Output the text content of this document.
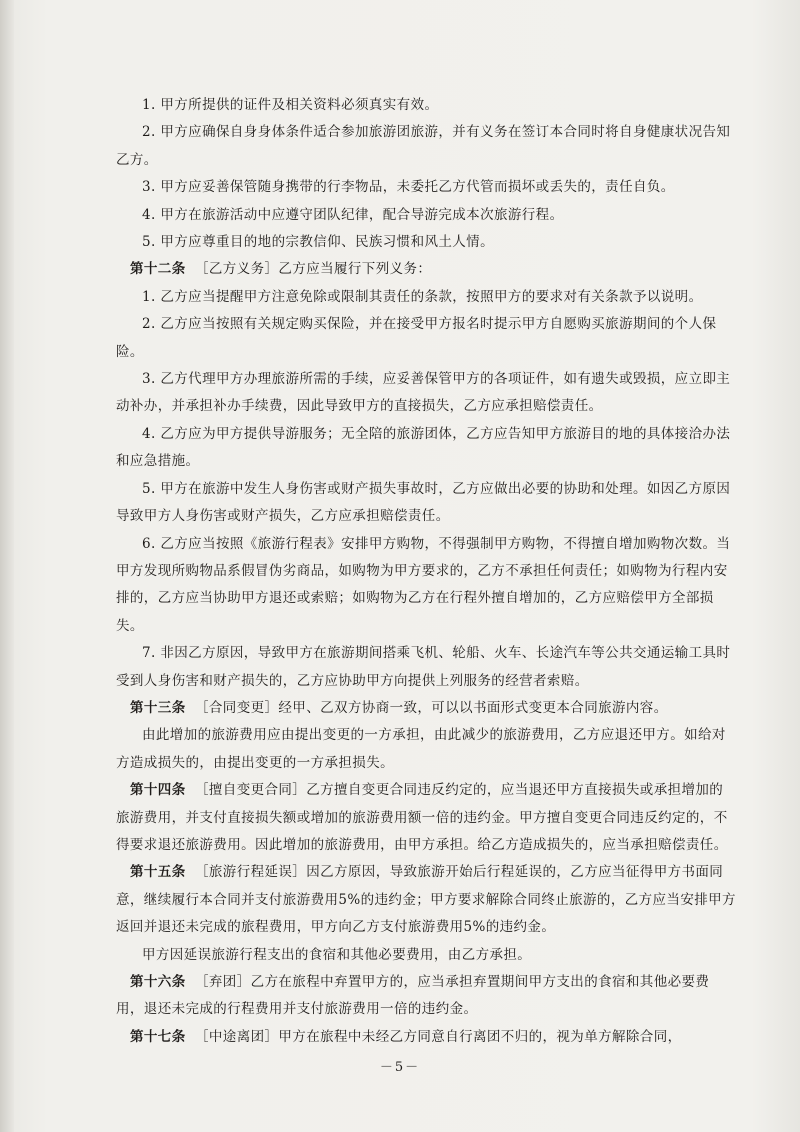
1. 甲方所提供的证件及相关资料必须真实有效。

2. 甲方应确保自身身体条件适合参加旅游团旅游，并有义务在签订本合同时将自身健康状况告知乙方。

3. 甲方应妥善保管随身携带的行李物品，未委托乙方代管而损坏或丢失的，责任自负。

4. 甲方在旅游活动中应遵守团队纪律，配合导游完成本次旅游行程。

5. 甲方应尊重目的地的宗教信仰、民族习惯和风土人情。

第十二条 ［乙方义务］乙方应当履行下列义务：

1. 乙方应当提醒甲方注意免除或限制其责任的条款，按照甲方的要求对有关条款予以说明。

2. 乙方应当按照有关规定购买保险，并在接受甲方报名时提示甲方自愿购买旅游期间的个人保险。

3. 乙方代理甲方办理旅游所需的手续，应妥善保管甲方的各项证件，如有遗失或毁损，应立即主动补办，并承担补办手续费，因此导致甲方的直接损失，乙方应承担赔偿责任。

4. 乙方应为甲方提供导游服务；无全陪的旅游团体，乙方应告知甲方旅游目的地的具体接洽办法和应急措施。

5. 甲方在旅游中发生人身伤害或财产损失事故时，乙方应做出必要的协助和处理。如因乙方原因导致甲方人身伤害或财产损失，乙方应承担赔偿责任。

6. 乙方应当按照《旅游行程表》安排甲方购物，不得强制甲方购物，不得擅自增加购物次数。当甲方发现所购物品系假冒伪劣商品，如购物为甲方要求的，乙方不承担任何责任；如购物为行程内安排的，乙方应当协助甲方退还或索赔；如购物为乙方在行程外擅自增加的，乙方应赔偿甲方全部损失。

7. 非因乙方原因，导致甲方在旅游期间搭乘飞机、轮船、火车、长途汽车等公共交通运输工具时受到人身伤害和财产损失的，乙方应协助甲方向提供上列服务的经营者索赔。

第十三条 ［合同变更］经甲、乙双方协商一致，可以以书面形式变更本合同旅游内容。

由此增加的旅游费用应由提出变更的一方承担，由此减少的旅游费用，乙方应退还甲方。如给对方造成损失的，由提出变更的一方承担损失。

第十四条 ［擅自变更合同］乙方擅自变更合同违反约定的，应当退还甲方直接损失或承担增加的旅游费用，并支付直接损失额或增加的旅游费用额一倍的违约金。甲方擅自变更合同违反约定的，不得要求退还旅游费用。因此增加的旅游费用，由甲方承担。给乙方造成损失的，应当承担赔偿责任。

第十五条 ［旅游行程延误］因乙方原因，导致旅游开始后行程延误的，乙方应当征得甲方书面同意，继续履行本合同并支付旅游费用5%的违约金；甲方要求解除合同终止旅游的，乙方应当安排甲方返回并退还未完成的旅程费用，甲方向乙方支付旅游费用5%的违约金。

甲方因延误旅游行程支出的食宿和其他必要费用，由乙方承担。

第十六条 ［弃团］乙方在旅程中弃置甲方的，应当承担弃置期间甲方支出的食宿和其他必要费用，退还未完成的行程费用并支付旅游费用一倍的违约金。

第十七条 ［中途离团］甲方在旅程中未经乙方同意自行离团不归的，视为单方解除合同，

－5－
